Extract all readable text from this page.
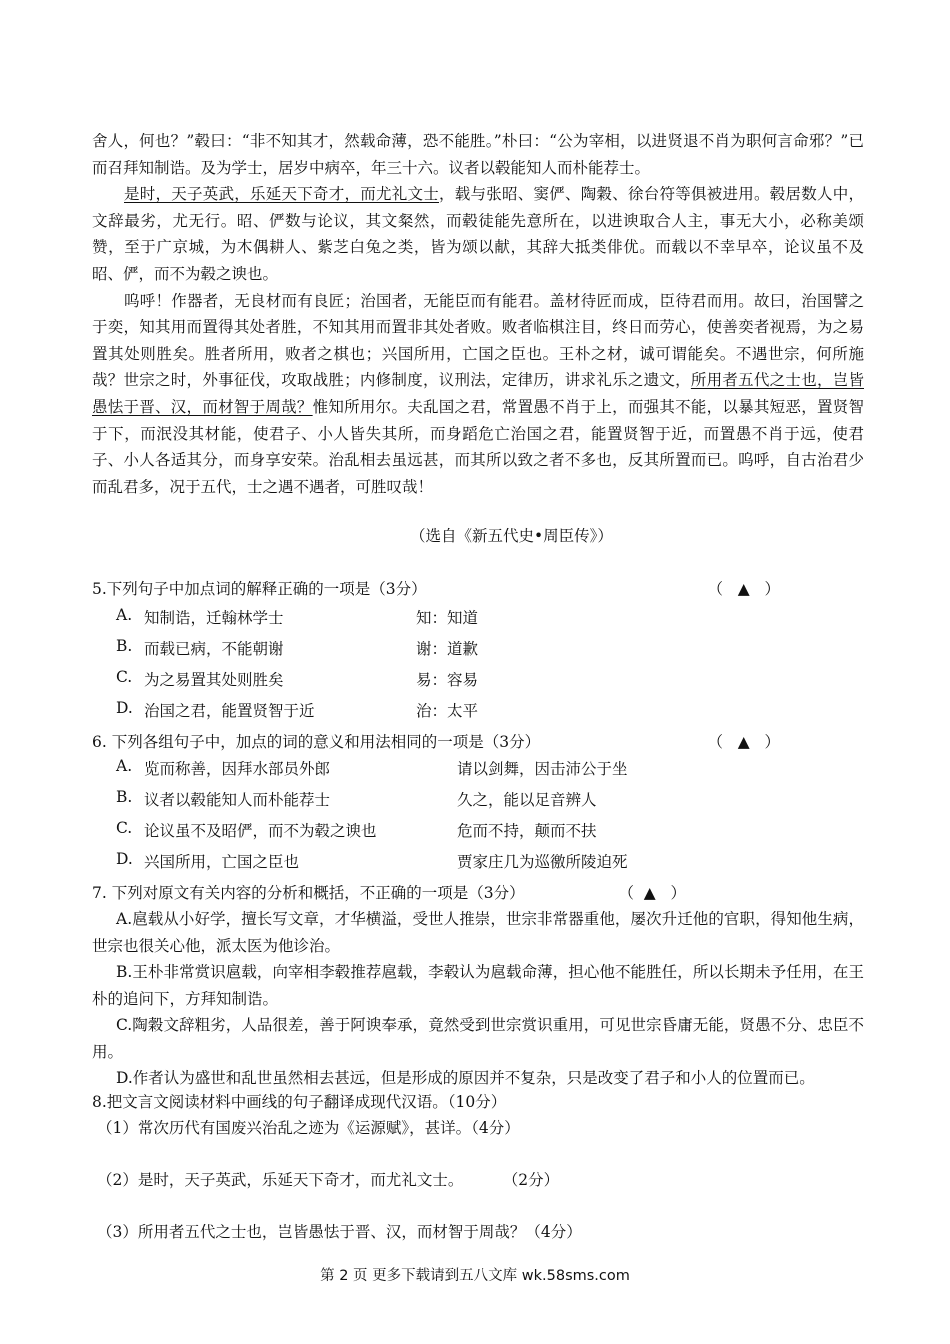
舍人，何也？”毂曰：“非不知其才，然载命薄，恐不能胜。”朴曰：“公为宰相，以进贤退不肖为职何言命邪？”已而召拜知制诰。及为学士，居岁中病卒，年三十六。议者以毂能知人而朴能荐士。

是时，天子英武，乐延天下奇才，而尤礼文士，载与张昭、窦俨、陶穀、徐台符等俱被进用。毂居数人中，文辞最劣，尤无行。昭、俨数与论议，其文粲然，而毂徒能先意所在，以进谀取合人主，事无大小，必称美颂赞，至于广京城，为木偶耕人、紫芝白兔之类，皆为颂以献，其辞大抵类俳优。而载以不幸早卒，论议虽不及昭、俨，而不为毂之谀也。

呜呼！作器者，无良材而有良匠；治国者，无能臣而有能君。盖材待匠而成，臣待君而用。故曰，治国譬之于奕，知其用而置得其处者胜，不知其用而置非其处者败。败者临棋注目，终日而劳心，使善奕者视焉，为之易置其处则胜矣。胜者所用，败者之棋也；兴国所用，亡国之臣也。王朴之材，诚可谓能矣。不遇世宗，何所施哉？世宗之时，外事征伐，攻取战胜；内修制度，议刑法，定律历，讲求礼乐之遗文，所用者五代之士也，岂皆愚怯于晋、汉，而材智于周哉？惟知所用尔。夫乱国之君，常置愚不肖于上，而强其不能，以暴其短恶，置贤智于下，而泯没其材能，使君子、小人皆失其所，而身蹈危亡治国之君，能置贤智于近，而置愚不肖于远，使君子、小人各适其分，而身享安荣。治乱相去虽远甚，而其所以致之者不多也，反其所置而已。呜呼，自古治君少而乱君多，况于五代，士之遇不遇者，可胜叹哉！

（选自《新五代史•周臣传》）
5.下列句子中加点词的解释正确的一项是（3分）	（   ▲   ）
A. 知制诰，迁翰林学士	知：知道
B. 而载已病，不能朝谢	谢：道歉
C. 为之易置其处则胜矣	易：容易
D. 治国之君，能置贤智于近	治：太平
6. 下列各组句子中，加点的词的意义和用法相同的一项是（3分）	（   ▲   ）
A. 览而称善，因拜水部员外郎	请以剑舞，因击沛公于坐
B. 议者以毂能知人而朴能荐士	久之，能以足音辨人
C. 论议虽不及昭俨，而不为毂之谀也	危而不持，颠而不扶
D. 兴国所用，亡国之臣也	贾家庄几为巡徼所陵迫死
7. 下列对原文有关内容的分析和概括，不正确的一项是（3分）	（  ▲   ）
A.扈载从小好学，擅长写文章，才华横溢，受世人推崇，世宗非常器重他，屡次升迁他的官职，得知他生病，世宗也很关心他，派太医为他诊治。
B.王朴非常赏识扈载，向宰相李毂推荐扈载，李毂认为扈载命薄，担心他不能胜任，所以长期未予任用，在王朴的追问下，方拜知制诰。
C.陶穀文辞粗劣，人品很差，善于阿谀奉承，竟然受到世宗赏识重用，可见世宗昏庸无能，贤愚不分、忠臣不用。
D.作者认为盛世和乱世虽然相去甚远，但是形成的原因并不复杂，只是改变了君子和小人的位置而已。
8.把文言文阅读材料中画线的句子翻译成现代汉语。（10分）
（1）常次历代有国废兴治乱之迹为《运源赋》，甚详。（4分）
（2）是时，天子英武，乐延天下奇才，而尤礼文士。        （2分）
（3）所用者五代之士也，岂皆愚怯于晋、汉，而材智于周哉？（4分）
第 2 页 更多下载请到五八文库 wk.58sms.com
